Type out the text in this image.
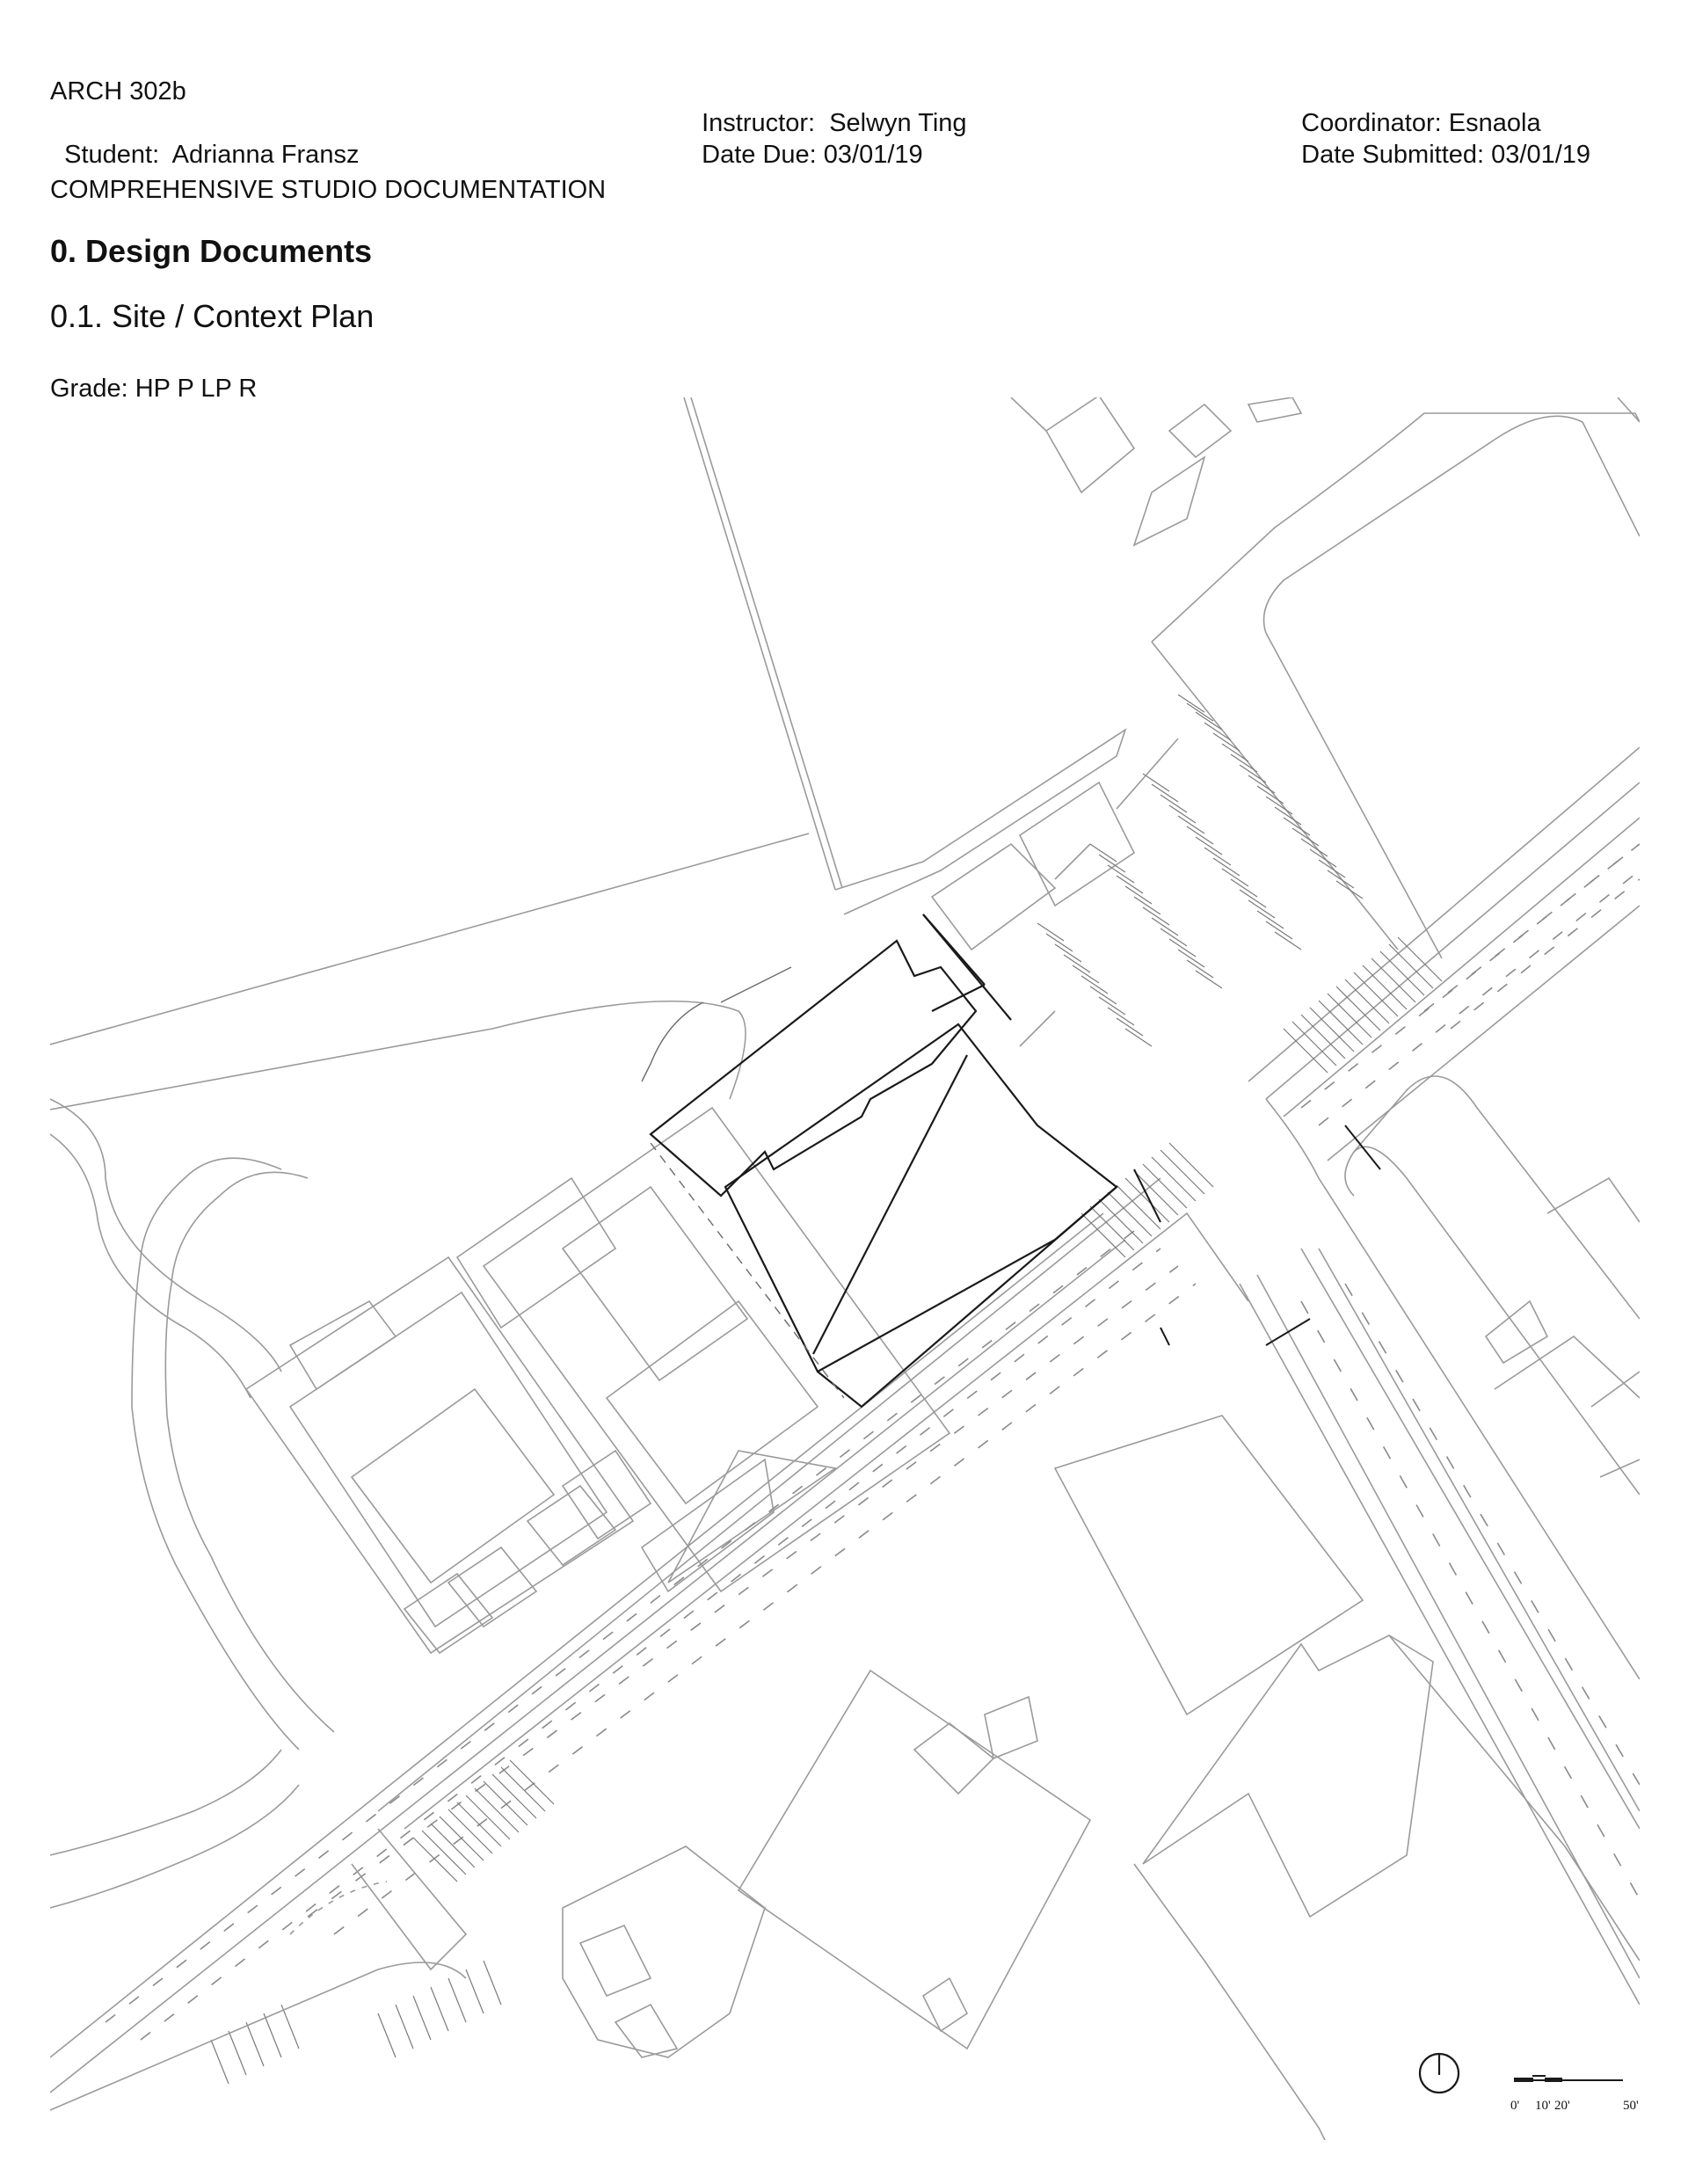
ARCH 302b

Student: Adrianna Fransz

Instructor: Selwyn Ting

Date Due: 03/01/19

Coordinator: Esnaola

Date Submitted: 03/01/19

COMPREHENSIVE STUDIO DOCUMENTATION
0. Design Documents
0.1. Site / Context Plan
Grade: HP P LP R
0' 10' 20'	50'
